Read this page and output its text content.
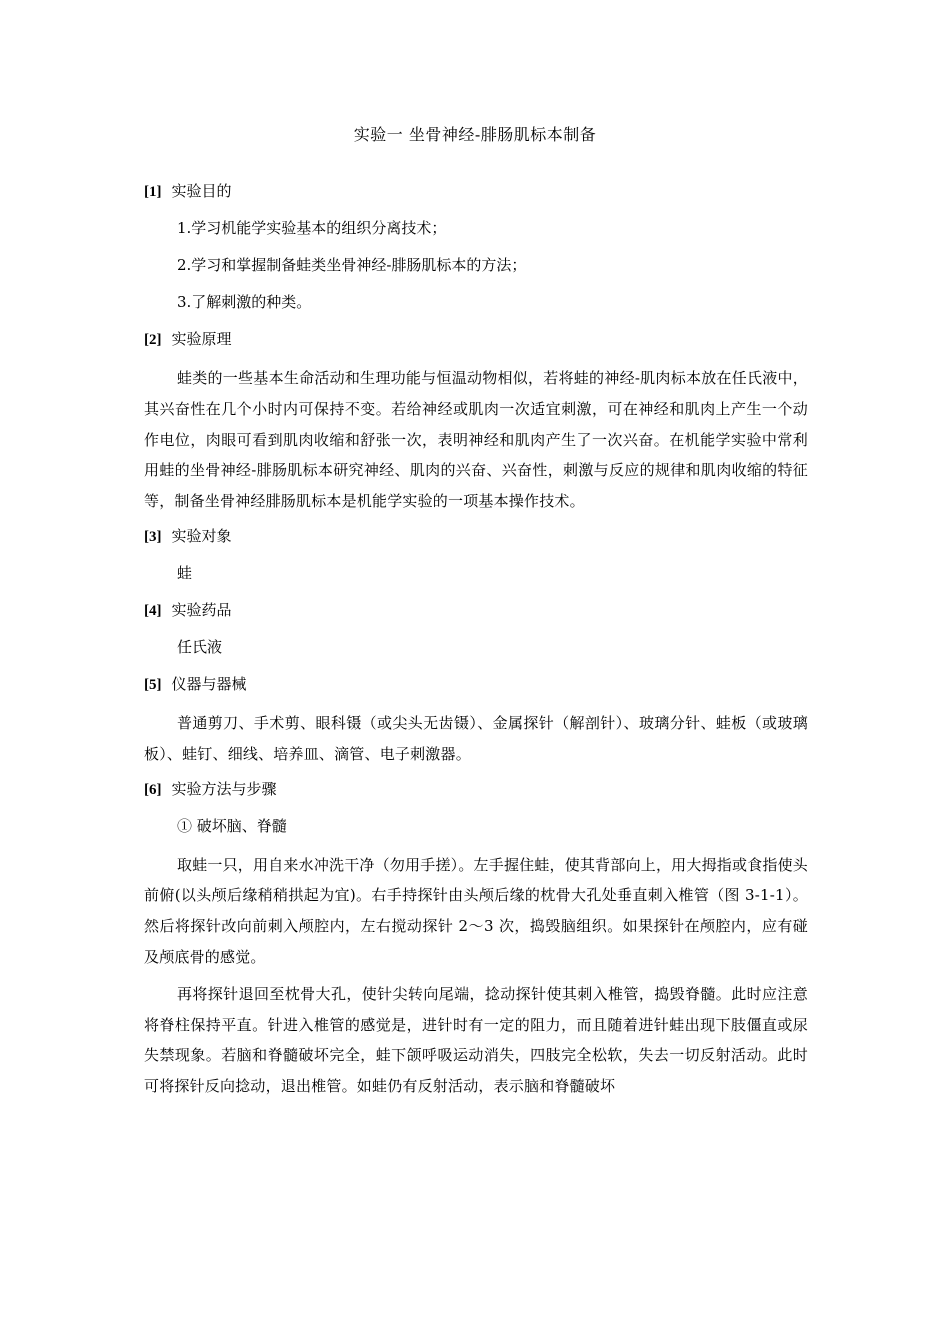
实验一 坐骨神经-腓肠肌标本制备
[1] 实验目的
1.学习机能学实验基本的组织分离技术；
2.学习和掌握制备蛙类坐骨神经-腓肠肌标本的方法；
3.了解刺激的种类。
[2] 实验原理
蛙类的一些基本生命活动和生理功能与恒温动物相似，若将蛙的神经-肌肉标本放在任氏液中，其兴奋性在几个小时内可保持不变。若给神经或肌肉一次适宜刺激，可在神经和肌肉上产生一个动作电位，肉眼可看到肌肉收缩和舒张一次，表明神经和肌肉产生了一次兴奋。在机能学实验中常利用蛙的坐骨神经-腓肠肌标本研究神经、肌肉的兴奋、兴奋性，刺激与反应的规律和肌肉收缩的特征等，制备坐骨神经腓肠肌标本是机能学实验的一项基本操作技术。
[3] 实验对象
蛙
[4] 实验药品
任氏液
[5] 仪器与器械
普通剪刀、手术剪、眼科镊（或尖头无齿镊）、金属探针（解剖针）、玻璃分针、蛙板（或玻璃板）、蛙钉、细线、培养皿、滴管、电子刺激器。
[6] 实验方法与步骤
① 破坏脑、脊髓
取蛙一只，用自来水冲洗干净（勿用手搓）。左手握住蛙，使其背部向上，用大拇指或食指使头前俯(以头颅后缘稍稍拱起为宜)。右手持探针由头颅后缘的枕骨大孔处垂直刺入椎管（图 3-1-1）。然后将探针改向前刺入颅腔内，左右搅动探针 2～3 次，捣毁脑组织。如果探针在颅腔内，应有碰及颅底骨的感觉。
再将探针退回至枕骨大孔，使针尖转向尾端，捻动探针使其刺入椎管，捣毁脊髓。此时应注意将脊柱保持平直。针进入椎管的感觉是，进针时有一定的阻力，而且随着进针蛙出现下肢僵直或尿失禁现象。若脑和脊髓破坏完全，蛙下颌呼吸运动消失，四肢完全松软，失去一切反射活动。此时可将探针反向捻动，退出椎管。如蛙仍有反射活动，表示脑和脊髓破坏
